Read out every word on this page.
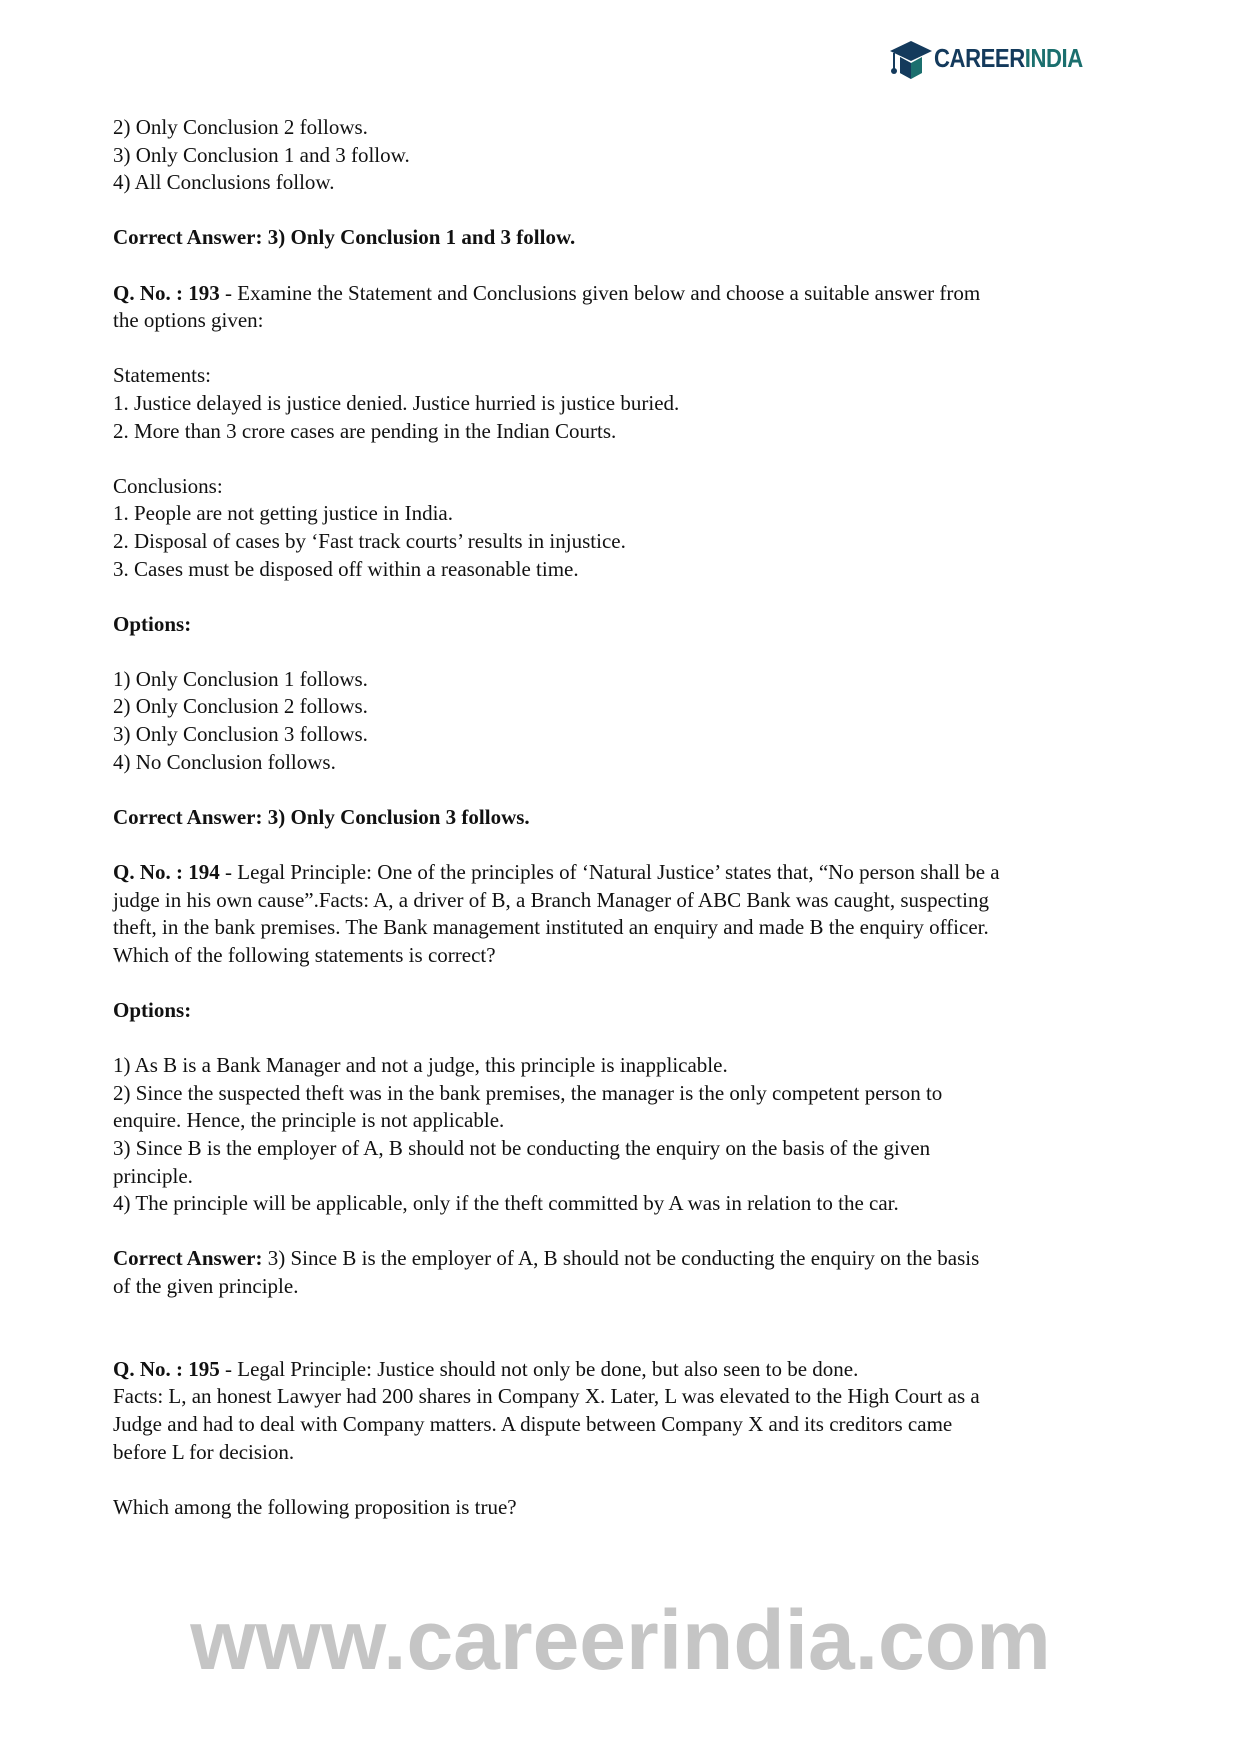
CAREERINDIA
2) Only Conclusion 2 follows.
3) Only Conclusion 1 and 3 follow.
4) All Conclusions follow.
Correct Answer: 3) Only Conclusion 1 and 3 follow.
Q. No. : 193 - Examine the Statement and Conclusions given below and choose a suitable answer from
the options given:
Statements:
1. Justice delayed is justice denied. Justice hurried is justice buried.
2. More than 3 crore cases are pending in the Indian Courts.
Conclusions:
1. People are not getting justice in India.
2. Disposal of cases by ‘Fast track courts’ results in injustice.
3. Cases must be disposed off within a reasonable time.
Options:
1) Only Conclusion 1 follows.
2) Only Conclusion 2 follows.
3) Only Conclusion 3 follows.
4) No Conclusion follows.
Correct Answer: 3) Only Conclusion 3 follows.
Q. No. : 194 - Legal Principle: One of the principles of ‘Natural Justice’ states that, “No person shall be a
judge in his own cause”.Facts: A, a driver of B, a Branch Manager of ABC Bank was caught, suspecting
theft, in the bank premises. The Bank management instituted an enquiry and made B the enquiry officer.
Which of the following statements is correct?
Options:
1) As B is a Bank Manager and not a judge, this principle is inapplicable.
2) Since the suspected theft was in the bank premises, the manager is the only competent person to
enquire. Hence, the principle is not applicable.
3) Since B is the employer of A, B should not be conducting the enquiry on the basis of the given
principle.
4) The principle will be applicable, only if the theft committed by A was in relation to the car.
Correct Answer: 3) Since B is the employer of A, B should not be conducting the enquiry on the basis
of the given principle.
Q. No. : 195 - Legal Principle: Justice should not only be done, but also seen to be done.
Facts: L, an honest Lawyer had 200 shares in Company X. Later, L was elevated to the High Court as a
Judge and had to deal with Company matters. A dispute between Company X and its creditors came
before L for decision.
Which among the following proposition is true?
www.careerindia.com
